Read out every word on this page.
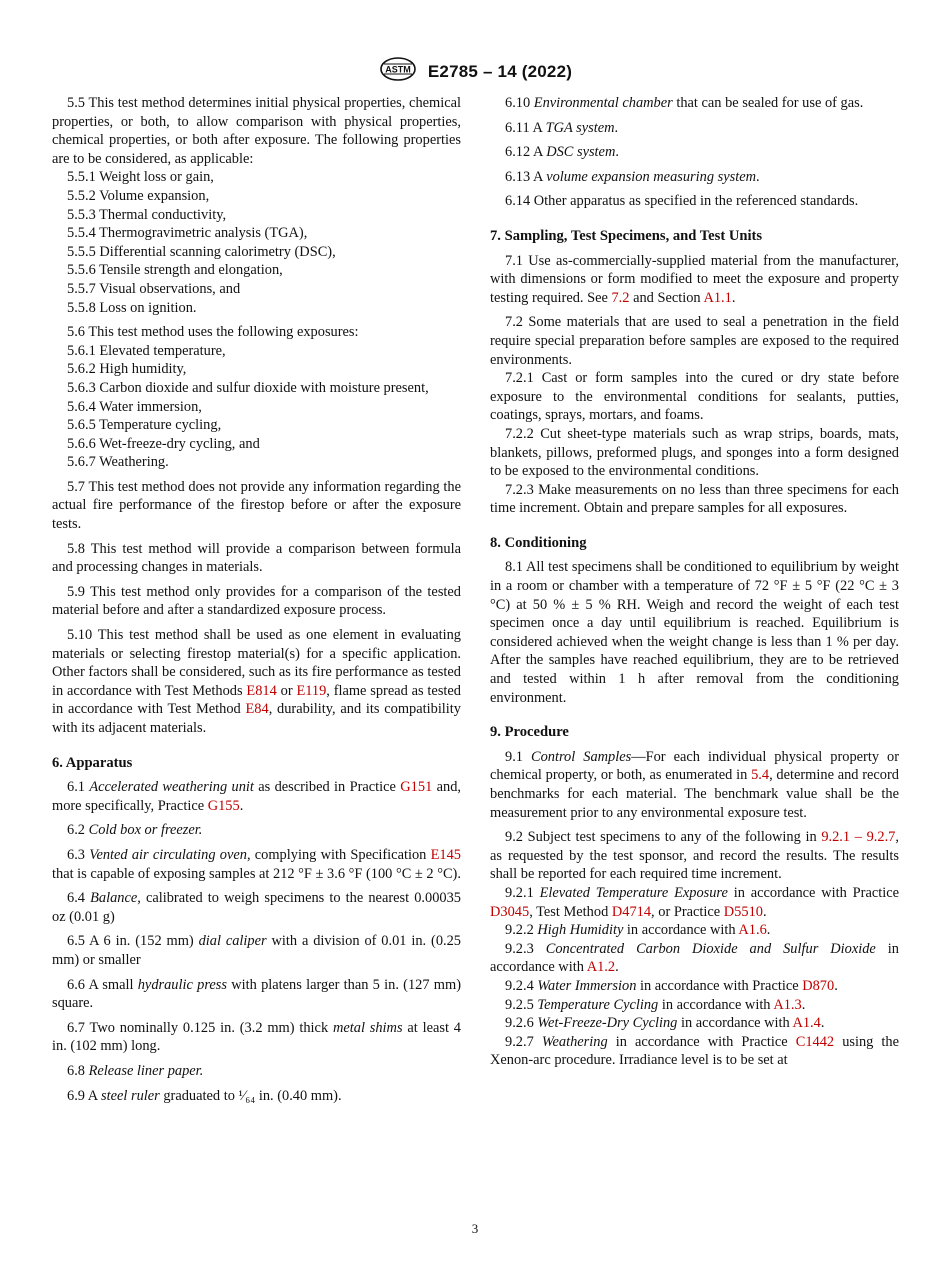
ASTM E2785 – 14 (2022)

5.5 This test method determines initial physical properties, chemical properties, or both, to allow comparison with physical properties, chemical properties, or both after exposure. The following properties are to be considered, as applicable:

5.5.1 Weight loss or gain,
5.5.2 Volume expansion,
5.5.3 Thermal conductivity,
5.5.4 Thermogravimetric analysis (TGA),
5.5.5 Differential scanning calorimetry (DSC),
5.5.6 Tensile strength and elongation,
5.5.7 Visual observations, and
5.5.8 Loss on ignition.

5.6 This test method uses the following exposures:

5.6.1 Elevated temperature,

5.6.2 High humidity,

5.6.3 Carbon dioxide and sulfur dioxide with moisture present,

5.6.4 Water immersion,

5.6.5 Temperature cycling,

5.6.6 Wet-freeze-dry cycling, and

5.6.7 Weathering.

5.7 This test method does not provide any information regarding the actual fire performance of the firestop before or after the exposure tests.

5.8 This test method will provide a comparison between formula and processing changes in materials.

5.9 This test method only provides for a comparison of the tested material before and after a standardized exposure process.

5.10 This test method shall be used as one element in evaluating materials or selecting firestop material(s) for a specific application. Other factors shall be considered, such as its fire performance as tested in accordance with Test Methods E814 or E119, flame spread as tested in accordance with Test Method E84, durability, and its compatibility with its adjacent materials.

6. Apparatus

6.1 Accelerated weathering unit as described in Practice G151 and, more specifically, Practice G155.

6.2 Cold box or freezer.

6.3 Vented air circulating oven, complying with Specification E145 that is capable of exposing samples at 212 °F ± 3.6 °F (100 °C ± 2 °C).

6.4 Balance, calibrated to weigh specimens to the nearest 0.00035 oz (0.01 g)

6.5 A 6 in. (152 mm) dial caliper with a division of 0.01 in. (0.25 mm) or smaller

6.6 A small hydraulic press with platens larger than 5 in. (127 mm) square.

6.7 Two nominally 0.125 in. (3.2 mm) thick metal shims at least 4 in. (102 mm) long.

6.8 Release liner paper.

6.9 A steel ruler graduated to ¹⁄₆₄ in. (0.40 mm).

6.10 Environmental chamber that can be sealed for use of gas.

6.11 A TGA system.

6.12 A DSC system.

6.13 A volume expansion measuring system.

6.14 Other apparatus as specified in the referenced standards.

7. Sampling, Test Specimens, and Test Units

7.1 Use as-commercially-supplied material from the manufacturer, with dimensions or form modified to meet the exposure and property testing required. See 7.2 and Section A1.1.

7.2 Some materials that are used to seal a penetration in the field require special preparation before samples are exposed to the required environments.

7.2.1 Cast or form samples into the cured or dry state before exposure to the environmental conditions for sealants, putties, coatings, sprays, mortars, and foams.

7.2.2 Cut sheet-type materials such as wrap strips, boards, mats, blankets, pillows, preformed plugs, and sponges into a form designed to be exposed to the environmental conditions.

7.2.3 Make measurements on no less than three specimens for each time increment. Obtain and prepare samples for all exposures.

8. Conditioning

8.1 All test specimens shall be conditioned to equilibrium by weight in a room or chamber with a temperature of 72 °F ± 5 °F (22 °C ± 3 °C) at 50 % ± 5 % RH. Weigh and record the weight of each test specimen once a day until equilibrium is reached. Equilibrium is considered achieved when the weight change is less than 1 % per day. After the samples have reached equilibrium, they are to be retrieved and tested within 1 h after removal from the conditioning environment.

9. Procedure

9.1 Control Samples—For each individual physical property or chemical property, or both, as enumerated in 5.4, determine and record benchmarks for each material. The benchmark value shall be the measurement prior to any environmental exposure test.

9.2 Subject test specimens to any of the following in 9.2.1 – 9.2.7, as requested by the test sponsor, and record the results. The results shall be reported for each required time increment.

9.2.1 Elevated Temperature Exposure in accordance with Practice D3045, Test Method D4714, or Practice D5510.

9.2.2 High Humidity in accordance with A1.6.

9.2.3 Concentrated Carbon Dioxide and Sulfur Dioxide in accordance with A1.2.

9.2.4 Water Immersion in accordance with Practice D870.

9.2.5 Temperature Cycling in accordance with A1.3.

9.2.6 Wet-Freeze-Dry Cycling in accordance with A1.4.

9.2.7 Weathering in accordance with Practice C1442 using the Xenon-arc procedure. Irradiance level is to be set at

3
